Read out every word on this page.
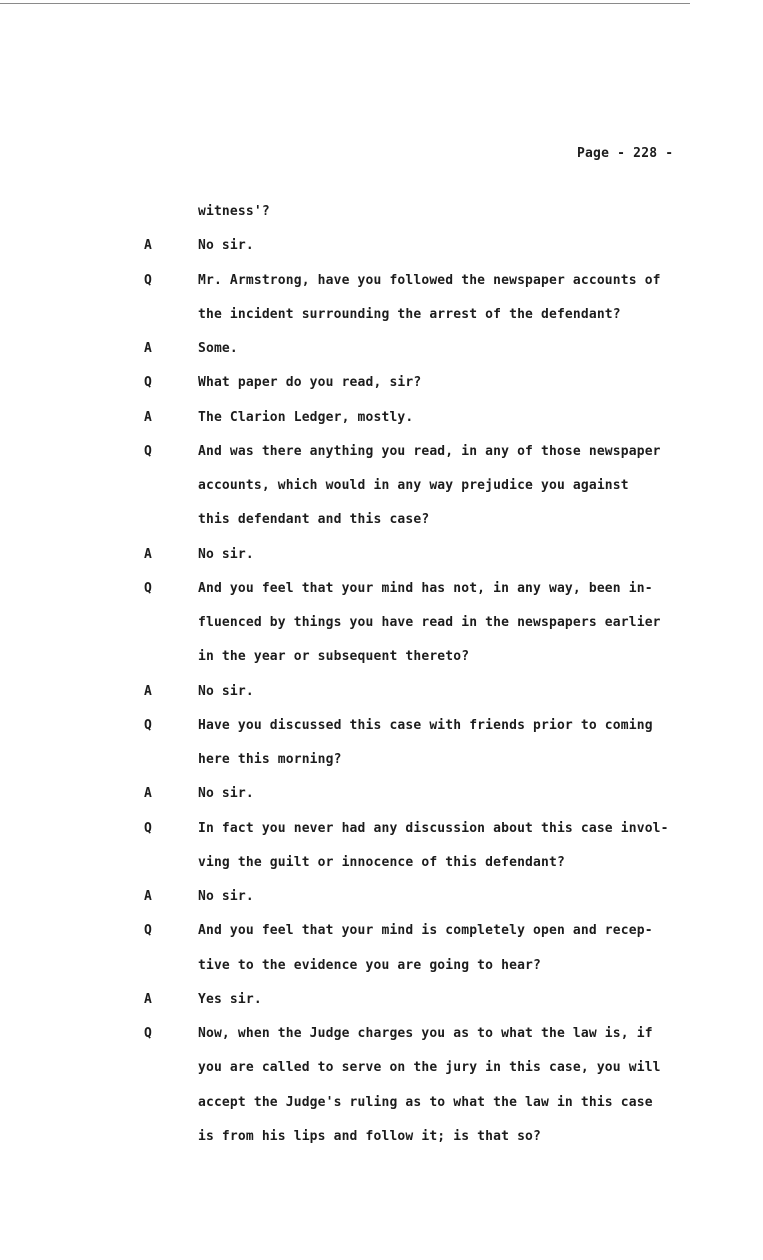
Page - 228 -
witness'?
A	No sir.
Q	Mr. Armstrong, have you followed the newspaper accounts of
the incident surrounding the arrest of the defendant?
A	Some.
Q	What paper do you read, sir?
A	The Clarion Ledger, mostly.
Q	And was there anything you read, in any of those newspaper
accounts, which would in any way prejudice you against
this defendant and this case?
A	No sir.
Q	And you feel that your mind has not, in any way, been in-
fluenced by things you have read in the newspapers earlier
in the year or subsequent thereto?
A	No sir.
Q	Have you discussed this case with friends prior to coming
here this morning?
A	No sir.
Q	In fact you never had any discussion about this case invol-
ving the guilt or innocence of this defendant?
A	No sir.
Q	And you feel that your mind is completely open and recep-
tive to the evidence you are going to hear?
A	Yes sir.
Q	Now, when the Judge charges you as to what the law is, if
you are called to serve on the jury in this case, you will
accept the Judge's ruling as to what the law in this case
is from his lips and follow it; is that so?
